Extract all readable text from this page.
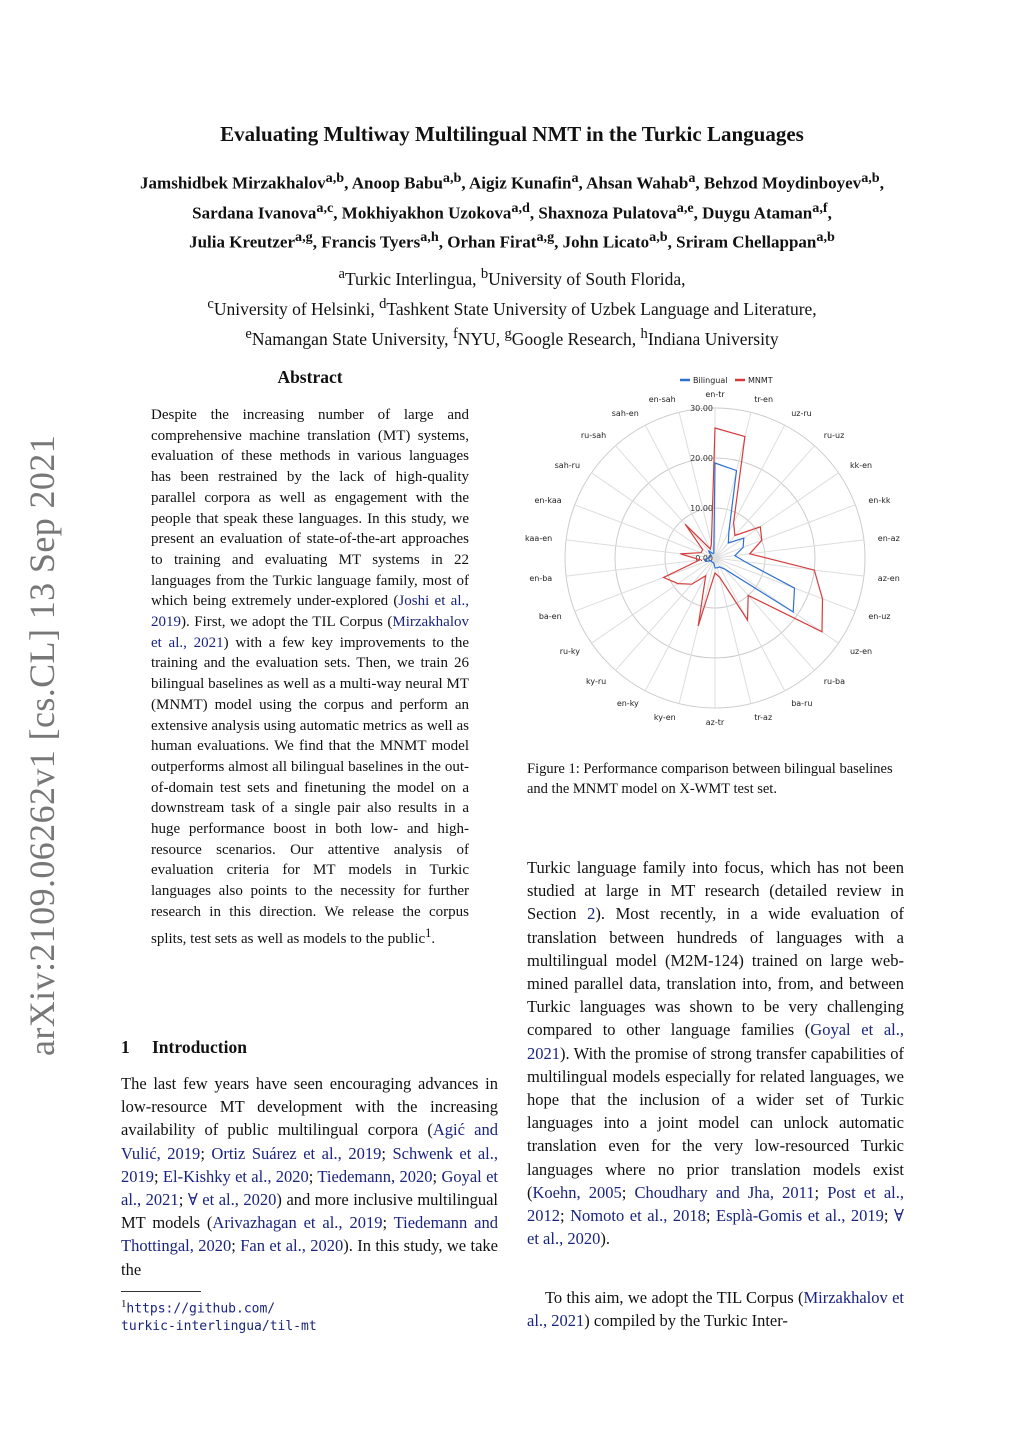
arXiv:2109.06262v1 [cs.CL] 13 Sep 2021
Evaluating Multiway Multilingual NMT in the Turkic Languages
Jamshidbek Mirzakhalov$^{a,b}$, Anoop Babu$^{a,b}$, Aigiz Kunafin$^a$, Ahsan Wahab$^a$, Behzod Moydinboyev$^{a,b}$,
Sardana Ivanova$^{a,c}$, Mokhiyakhon Uzokova$^{a,d}$, Shaxnoza Pulatova$^{a,e}$, Duygu Ataman$^{a,f}$,
Julia Kreutzer$^{a,g}$, Francis Tyers$^{a,h}$, Orhan Firat$^{a,g}$, John Licato$^{a,b}$, Sriram Chellappan$^{a,b}$
$^a$Turkic Interlingua, $^b$University of South Florida,
$^c$University of Helsinki, $^d$Tashkent State University of Uzbek Language and Literature,
$^e$Namangan State University, $^f$NYU, $^g$Google Research, $^h$Indiana University
Abstract
Despite the increasing number of large and comprehensive machine translation (MT) systems, evaluation of these methods in various languages has been restrained by the lack of high-quality parallel corpora as well as engagement with the people that speak these languages. In this study, we present an evaluation of state-of-the-art approaches to training and evaluating MT systems in 22 languages from the Turkic language family, most of which being extremely under-explored (Joshi et al., 2019). First, we adopt the TIL Corpus (Mirzakhalov et al., 2021) with a few key improvements to the training and the evaluation sets. Then, we train 26 bilingual baselines as well as a multi-way neural MT (MNMT) model using the corpus and perform an extensive analysis using automatic metrics as well as human evaluations. We find that the MNMT model outperforms almost all bilingual baselines in the out-of-domain test sets and finetuning the model on a downstream task of a single pair also results in a huge performance boost in both low- and high-resource scenarios. Our attentive analysis of evaluation criteria for MT models in Turkic languages also points to the necessity for further research in this direction. We release the corpus splits, test sets as well as models to the public$^1$.
1 Introduction
The last few years have seen encouraging advances in low-resource MT development with the increasing availability of public multilingual corpora (Agić and Vulić, 2019; Ortiz Suárez et al., 2019; Schwenk et al., 2019; El-Kishky et al., 2020; Tiedemann, 2020; Goyal et al., 2021; ∀ et al., 2020) and more inclusive multilingual MT models (Arivazhagan et al., 2019; Tiedemann and Thottingal, 2020; Fan et al., 2020). In this study, we take the
$^1$https://github.com/
turkic-interlingua/til-mt
en-tr
tr-en
uz-ru
ru-uz
kk-en
en-kk
en-az
az-en
en-uz
uz-en
ru-ba
ba-ru
tr-az
az-tr
ky-en
en-ky
ky-ru
ru-ky
ba-en
en-ba
kaa-en
en-kaa
sah-ru
ru-sah
sah-en
en-sah
0.00
10.00
20.00
30.00
Bilingual	MNMT
Figure 1: Performance comparison between bilingual baselines and the MNMT model on X-WMT test set.
Turkic language family into focus, which has not been studied at large in MT research (detailed review in Section 2). Most recently, in a wide evaluation of translation between hundreds of languages with a multilingual model (M2M-124) trained on large web-mined parallel data, translation into, from, and between Turkic languages was shown to be very challenging compared to other language families (Goyal et al., 2021). With the promise of strong transfer capabilities of multilingual models especially for related languages, we hope that the inclusion of a wider set of Turkic languages into a joint model can unlock automatic translation even for the very low-resourced Turkic languages where no prior translation models exist (Koehn, 2005; Choudhary and Jha, 2011; Post et al., 2012; Nomoto et al., 2018; Esplà-Gomis et al., 2019; ∀ et al., 2020).
To this aim, we adopt the TIL Corpus (Mirzakhalov et al., 2021) compiled by the Turkic Inter-
